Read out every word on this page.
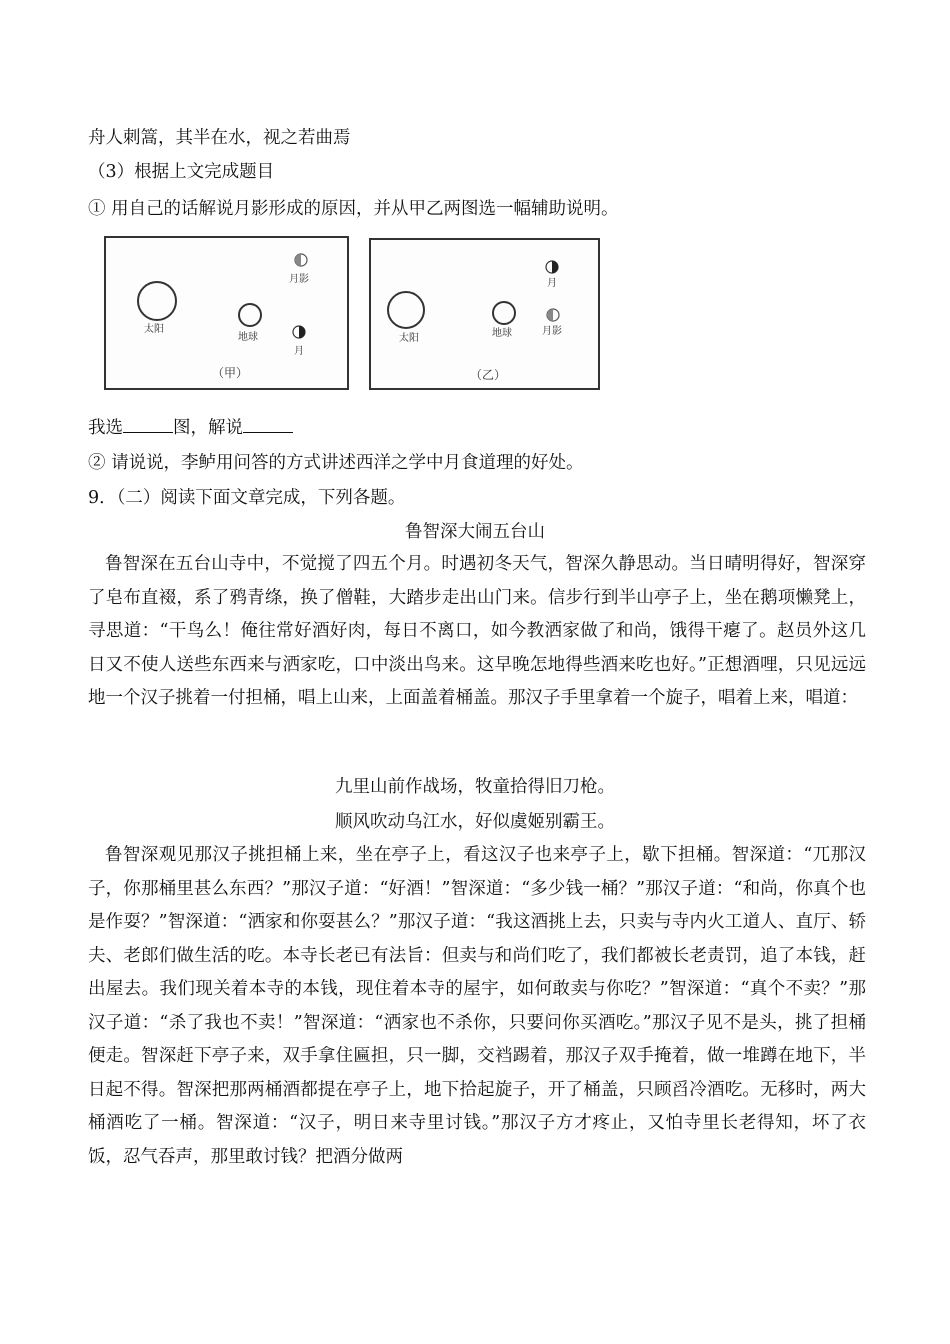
舟人刺篙，其半在水，视之若曲焉
（3）根据上文完成题目
① 用自己的话解说月影形成的原因，并从甲乙两图选一幅辅助说明。
太阳
地球
月影
月
（甲）
太阳	地球
月
月影
（乙）
我选	图，解说
② 请说说，李鲈用问答的方式讲述西洋之学中月食道理的好处。
9．（二）阅读下面文章完成，下列各题。
鲁智深大闹五台山
鲁智深在五台山寺中，不觉搅了四五个月。时遇初冬天气，智深久静思动。当日晴明得好，智深穿了皂布直裰，系了鸦青绦，换了僧鞋，大踏步走出山门来。信步行到半山亭子上，坐在鹅项懒凳上，寻思道：“干鸟么！俺往常好酒好肉，每日不离口，如今教洒家做了和尚，饿得干瘪了。赵员外这几日又不使人送些东西来与洒家吃，口中淡出鸟来。这早晚怎地得些酒来吃也好。”正想酒哩，只见远远地一个汉子挑着一付担桶，唱上山来，上面盖着桶盖。那汉子手里拿着一个旋子，唱着上来，唱道：
九里山前作战场，牧童拾得旧刀枪。
顺风吹动乌江水，好似虞姬别霸王。
鲁智深观见那汉子挑担桶上来，坐在亭子上，看这汉子也来亭子上，歇下担桶。智深道：“兀那汉子，你那桶里甚么东西？”那汉子道：“好酒！”智深道：“多少钱一桶？”那汉子道：“和尚，你真个也是作耍？”智深道：“洒家和你耍甚么？”那汉子道：“我这酒挑上去，只卖与寺内火工道人、直厅、轿夫、老郎们做生活的吃。本寺长老已有法旨：但卖与和尚们吃了，我们都被长老责罚，追了本钱，赶出屋去。我们现关着本寺的本钱，现住着本寺的屋宇，如何敢卖与你吃？”智深道：“真个不卖？”那汉子道：“杀了我也不卖！”智深道：“洒家也不杀你，只要问你买酒吃。”那汉子见不是头，挑了担桶便走。智深赶下亭子来，双手拿住匾担，只一脚，交裆踢着，那汉子双手掩着，做一堆蹲在地下，半日起不得。智深把那两桶酒都提在亭子上，地下拾起旋子，开了桶盖，只顾舀冷酒吃。无移时，两大桶酒吃了一桶。智深道：“汉子，明日来寺里讨钱。”那汉子方才疼止，又怕寺里长老得知，坏了衣饭，忍气吞声，那里敢讨钱？把酒分做两
